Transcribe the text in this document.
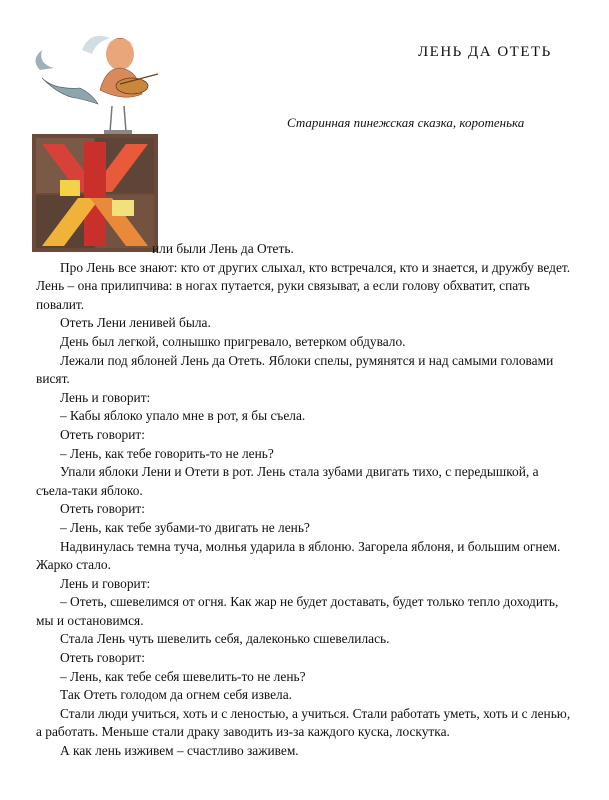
ЛЕНЬ ДА ОТЕТЬ
Старинная пинежская сказка, коротенька

или были Лень да Отеть.

Про Лень все знают: кто от других слыхал, кто встречался, кто и знается, и дружбу ведет. Лень – она прилипчива: в ногах путается, руки связыват, а если голову обхватит, спать повалит.

Отеть Лени ленивей была.

День был легкой, солнышко пригревало, ветерком обдувало.

Лежали под яблоней Лень да Отеть. Яблоки спелы, румянятся и над самыми головами висят.

Лень и говорит:

– Кабы яблоко упало мне в рот, я бы съела.

Отеть говорит:

– Лень, как тебе говорить-то не лень?

Упали яблоки Лени и Отети в рот. Лень стала зубами двигать тихо, с передышкой, а съела-таки яблоко.

Отеть говорит:

– Лень, как тебе зубами-то двигать не лень?

Надвинулась темна туча, молнья ударила в яблоню. Загорела яблоня, и большим огнем. Жарко стало.

Лень и говорит:

– Отеть, сшевелимся от огня. Как жар не будет доставать, будет только тепло доходить, мы и остановимся.

Стала Лень чуть шевелить себя, далеконько сшевелилась.

Отеть говорит:

– Лень, как тебе себя шевелить-то не лень?

Так Отеть голодом да огнем себя извела.

Стали люди учиться, хоть и с леностью, а учиться. Стали работать уметь, хоть и с ленью, а работать. Меньше стали драку заводить из-за каждого куска, лоскутка.

А как лень изживем – счастливо заживем.
